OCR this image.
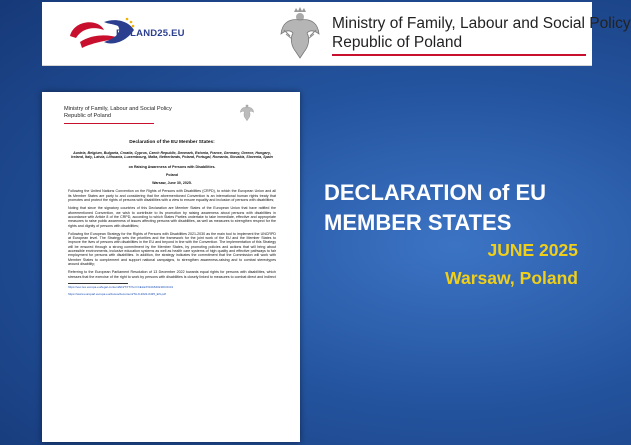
POLAND25.EU
Ministry of Family, Labour and Social Policy
Republic of Poland
Ministry of Family, Labour and Social Policy
Republic of Poland
Declaration of the EU Member States:
Austria, Belgium, Bulgaria, Croatia, Cyprus, Czech Republic, Denmark, Estonia, France, Germany, Greece, Hungary, Ireland, Italy, Latvia, Lithuania, Luxembourg, Malta, Netherlands, Poland, Portugal, Romania, Slovakia, Slovenia, Spain
on Raising Awareness of Persons with Disabilities.
Poland
Warsaw, June 30, 2025.

Following the United Nations Convention on the Rights of Persons with Disabilities (CRPD), to which the European Union and all its Member States are party to and considering that the aforementioned Convention is an international human rights treaty that promotes and protect the rights of persons with disabilities with a view to ensure equality and inclusion of persons with disabilities;

Noting that since the signatory countries of this Declaration are Member States of the European Union that have ratified the aforementioned Convention, we wish to contribute to its promotion by raising awareness about persons with disabilities in accordance with Article 8 of the CRPD, according to which States Parties undertake to take immediate, effective and appropriate measures to raise public awareness of issues affecting persons with disabilities, as well as measures to strengthen respect for the rights and dignity of persons with disabilities;

Following the European Strategy for the Rights of Persons with Disabilities 2021-2030 as the main tool to implement the UNCRPD at European level. The Strategy sets the priorities and the framework for the joint work of the EU and the Member States to improve the lives of persons with disabilities in the EU and beyond in line with the Convention. The implementation of this Strategy will be ensured through a strong commitment by the Member States, by promoting policies and actions that will bring about accessible environments, inclusive education systems as well as health care systems of high quality and effective pathways to fair employment for persons with disabilities. In addition, the strategy indicates the commitment that the Commission will work with Member States to complement and support national campaigns, to strengthen awareness-raising and to combat stereotypes around disability;

Referring to the European Parliament Resolution of 13 December 2022 towards equal rights for persons with disabilities, which stresses that the exercise of the right to work by persons with disabilities is closely linked to measures to combat direct and indirect

https://eur-lex.europa.eu/legal-content/EN/TXT/?uri=CELEX%3A52021DC0101
https://www.europarl.europa.eu/doceo/document/TA-9-2022-0435_EN.pdf
DECLARATION of EU
MEMBER STATES
JUNE 2025
Warsaw, Poland
